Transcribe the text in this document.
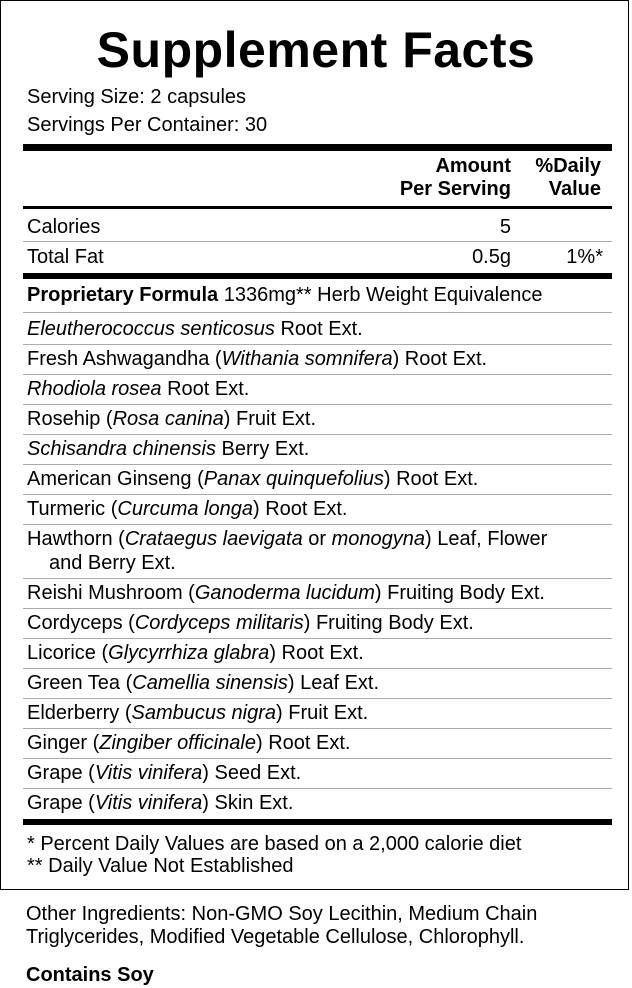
Supplement Facts
Serving Size: 2 capsules
Servings Per Container: 30
Amount
Per Serving
%Daily
Value
Calories	5
Total Fat	0.5g	1%*
Proprietary Formula 1336mg** Herb Weight Equivalence
Eleutherococcus senticosus Root Ext.
Fresh Ashwagandha (Withania somnifera) Root Ext.
Rhodiola rosea Root Ext.
Rosehip (Rosa canina) Fruit Ext.
Schisandra chinensis Berry Ext.
American Ginseng (Panax quinquefolius) Root Ext.
Turmeric (Curcuma longa) Root Ext.
Hawthorn (Crataegus laevigata or monogyna) Leaf, Flower
and Berry Ext.
Reishi Mushroom (Ganoderma lucidum) Fruiting Body Ext.
Cordyceps (Cordyceps militaris) Fruiting Body Ext.
Licorice (Glycyrrhiza glabra) Root Ext.
Green Tea (Camellia sinensis) Leaf Ext.
Elderberry (Sambucus nigra) Fruit Ext.
Ginger (Zingiber officinale) Root Ext.
Grape (Vitis vinifera) Seed Ext.
Grape (Vitis vinifera) Skin Ext.
* Percent Daily Values are based on a 2,000 calorie diet
** Daily Value Not Established
Other Ingredients: Non-GMO Soy Lecithin, Medium Chain Triglycerides, Modified Vegetable Cellulose, Chlorophyll.
Contains Soy
